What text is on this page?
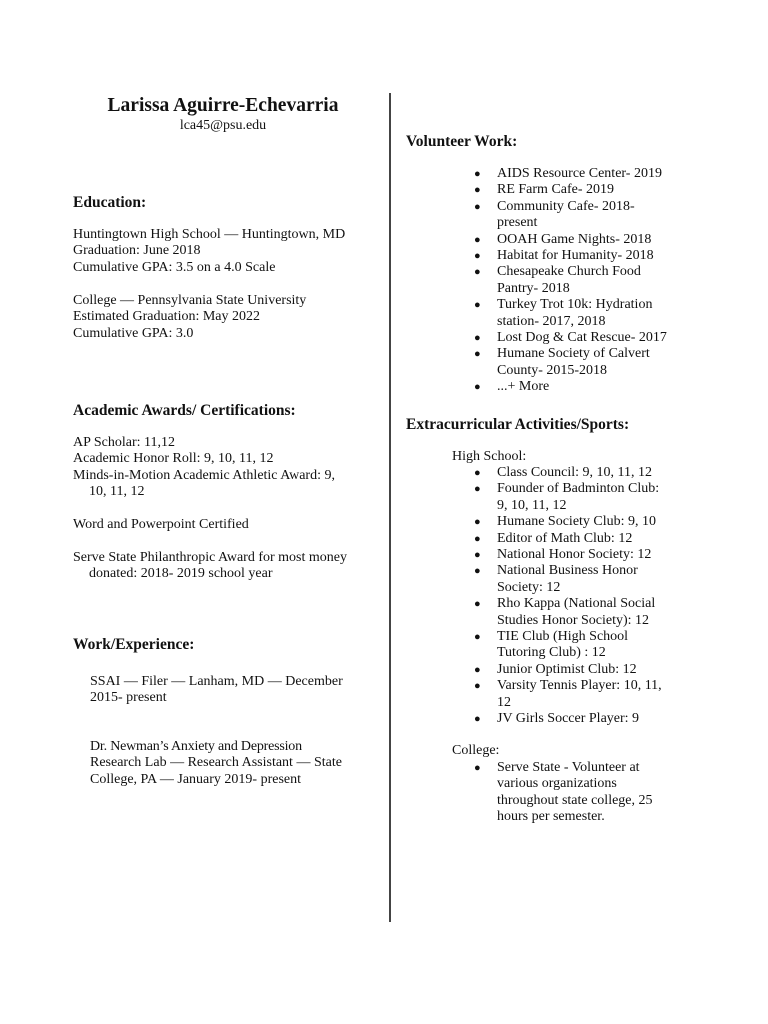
Larissa Aguirre-Echevarria
lca45@psu.edu
Education:
Huntingtown High School — Huntingtown, MD
Graduation: June 2018
Cumulative GPA: 3.5 on a 4.0 Scale
College — Pennsylvania State University
Estimated Graduation: May 2022
Cumulative GPA: 3.0
Academic Awards/ Certifications:
AP Scholar: 11,12
Academic Honor Roll: 9, 10, 11, 12
Minds-in-Motion Academic Athletic Award: 9,
10, 11, 12
Word and Powerpoint Certified
Serve State Philanthropic Award for most money
donated: 2018- 2019 school year
Work/Experience:
SSAI — Filer — Lanham, MD — December
2015- present
Dr. Newman’s Anxiety and Depression
Research Lab — Research Assistant — State
College, PA — January 2019- present
Volunteer Work:
● AIDS Resource Center- 2019
● RE Farm Cafe- 2019
● Community Cafe- 2018-
present
● OOAH Game Nights- 2018
● Habitat for Humanity- 2018
● Chesapeake Church Food
Pantry- 2018
● Turkey Trot 10k: Hydration
station- 2017, 2018
● Lost Dog & Cat Rescue- 2017
● Humane Society of Calvert
County- 2015-2018
● ...+ More
Extracurricular Activities/Sports:
High School:
● Class Council: 9, 10, 11, 12
● Founder of Badminton Club:
9, 10, 11, 12
● Humane Society Club: 9, 10
● Editor of Math Club: 12
● National Honor Society: 12
● National Business Honor
Society: 12
● Rho Kappa (National Social
Studies Honor Society): 12
● TIE Club (High School
Tutoring Club) : 12
● Junior Optimist Club: 12
● Varsity Tennis Player: 10, 11,
12
● JV Girls Soccer Player: 9
College:
● Serve State - Volunteer at
various organizations
throughout state college, 25
hours per semester.
